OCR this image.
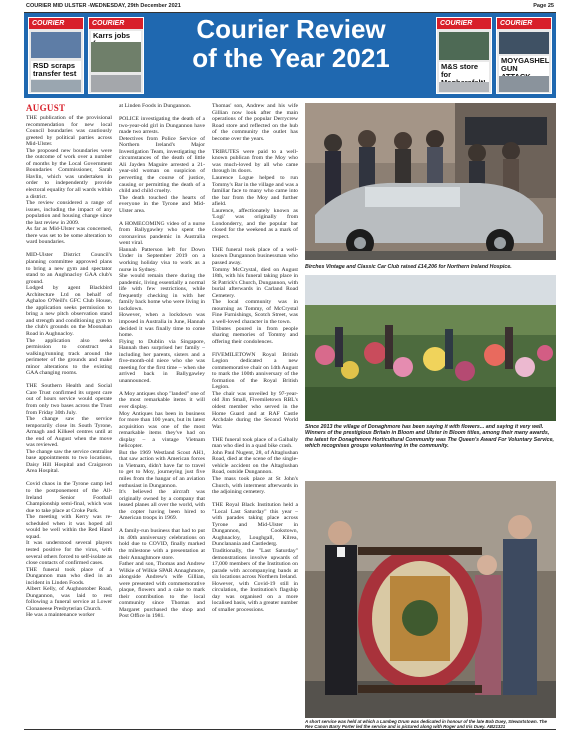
COURIER MID ULSTER -WEDNESDAY, 29th December 2021	Page 25
COURIER
RSD scraps transfer test
COURIER
Karrs jobs	Courier Review
of the Year 2021
COURIER
M&S store for
COURIER
MOYGASHEL GUN
AUGUST

THE publication of the provisional recommendation for new local Council boundaries was cautiously greeted by political parties across Mid-Ulster.

The proposed new boundaries were the outcome of work over a number of months by the Local Government Boundaries Commissioner, Sarah Havlin, which was undertaken in order to independently provide electoral equality for all wards within a district.

The review considered a range of issues, including the impact of any population and housing change since the last review in 2009.

As far as Mid-Ulster was concerned, there was set to be some alteration to ward boundaries.

MID-Ulster District Council's planning committee approved plans to bring a new gym and spectator stand to an Aughnacloy GAA club's ground.

Lodged by agent Blackbird Architecture Ltd on behalf of Aghaloo O'Neill's GFC Club House, the application seeks permission to bring a new pitch observation stand and strength and conditioning gym to the club's grounds on the Moonahan Road in Aughnacloy.

The application also seeks permission to construct a walking/running track around the perimeter of the grounds and make minor alterations to the existing GAA changing rooms.

THE Southern Health and Social Care Trust confirmed its urgent care out of hours service would operate from only two bases across the Trust from Friday 30th July.

The change saw the service temporarily close its South Tyrone, Armagh and Kilkeel centres until at the end of August when the move was reviewed.

The change saw the service centralise base appointments to two locations, Daisy Hill Hospital and Craigavon Area Hospital.

Covid chaos in the Tyrone camp led to the postponement of the All-Ireland Senior Football Championship semi-final, which was due to take place at Croke Park.

The meeting with Kerry was re-scheduled when it was hoped all would be well within the Red Hand squad.

It was understood several players tested positive for the virus, with several others forced to self-isolate as close contacts of confirmed cases.

THE funeral took place of a Dungannon man who died in an incident in Linden Foods.

Albert Kelly, of Aughnotober Road, Dungannon, was laid to rest following a funeral service at Lower Clonaneese Presbyterian Church.

He was a maintenance worker

at Linden Foods in Dungannon.

POLICE investigating the death of a two-year-old girl in Dungannon have made two arrests.

Detectives from Police Service of Northern Ireland's Major Investigation Team, investigating the circumstances of the death of little Ali Jayden Maguire arrested a 21-year-old woman on suspicion of perverting the course of justice, causing or permitting the death of a child and child cruelty.

The death touched the hearts of everyone in the Tyrone and Mid-Ulster area.

A HOMECOMING video of a nurse from Ballygawley who spent the coronavirus pandemic in Australia went viral.

Hannah Patterson left for Down Under in September 2019 on a working holiday visa to work as a nurse in Sydney.

She would remain there during the pandemic, living essentially a normal life with few restrictions, while frequently checking in with her family back home who were living in lockdown.

However, when a lockdown was imposed in Australia in June, Hannah decided it was finally time to come home.

Flying to Dublin via Singapore, Hannah then surprised her family – including her parents, sisters and a five-month-old niece who she was meeting for the first time – when she arrived back in Ballygawley unannounced.

A Moy antiques shop "landed" one of the most remarkable items it will ever display.

Moy Antiques has been in business for more than 100 years, but its latest acquisition was one of the most remarkable items they've had on display – a vintage Vietnam helicopter.

But the 1969 Westland Scout AH1, that saw action with American forces in Vietnam, didn't have far to travel to get to Moy, journeying just five miles from the hangar of an aviation enthusiast in Dungannon.

It's believed the aircraft was originally owned by a company that leased planes all over the world, with the copter having been hired to American troops in 1969.

A family-run business that had to put its 40th anniversary celebrations on hold due to COVID, finally marked the milestone with a presentation at their Annaghmore store.

Father and son, Thomas and Andrew Wilkie of Wilkie SPAR Annaghmore, alongside Andrew's wife Gillian, were presented with commemorative plaque, flowers and a cake to mark their contribution to the local community since Thomas and Margaret purchased the shop and Post Office in 1981.

Thomas' son, Andrew and his wife Gillian now look after the main operations of the popular Derrycrew Road store and reflected on the hub of the community the outlet has become over the years.

TRIBUTES were paid to a well-known publican from the Moy who was much-loved by all who came through its doors.

Laurence Logue helped to run Tommy's Bar in the village and was a familiar face to many who came into the bar from the Moy and further afield.

Laurence, affectionately known as 'Logi' was originally from Londonderry, and the popular bar closed for the weekend as a mark of respect.

THE funeral took place of a well-known Dungannon businessman who passed away.

Tommy McCrystal, died on August 18th, with his funeral taking place in St Patrick's Church, Dungannon, with burial afterwards in Carland Road Cemetery.

The local community was in mourning as Tommy, of McCrystal Fine Furnishings, Scotch Street, was a well-loved character in the town.

Tributes poured in from people sharing memories of Tommy and offering their condolences.

FIVEMILETOWN Royal British Legion dedicated a new commemorative chair on 14th August to mark the 100th anniversary of the formation of the Royal British Legion.

The chair was unveiled by 97-year-old Jim Small, Fivemiletown RBL's oldest member who served in the Home Guard and at RAF Castle Archdale during the Second World War.

THE funeral took place of a Galbally man who died in a quad bike crash.

John Paul Nugent, 28, of Altaglushan Road, died at the scene of the single-vehicle accident on the Altaglushan Road, outside Dungannon.

The mass took place at St John's Church, with interment afterwards in the adjoining cemetery.

THE Royal Black Institution held a "Local Last Saturday" this year – with parades taking place across Tyrone and Mid-Ulster in Dungannon, Cookstown, Aughnacloy, Loughgall, Kilrea, Dunclanania and Castlederg.

Traditionally, the "Last Saturday" demonstrations involve upwards of 17,000 members of the Institution on parade with accompanying bands at six locations across Northern Ireland.

However, with Covid-19 still in circulation, the Institution's flagship day was organised on a more localised basis, with a greater number of smaller processions.

Birches Vintage and Classic Car Club raised £14,206 for Northern Ireland Hospice.
Since 2013 the village of Donaghmore has been saying it with flowers... and saying it very well. Winners of the prestigious Britain in Bloom and Ulster in Bloom titles, among their many awards, the latest for Donaghmore Horticultural Community was The Queen's Award For Voluntary Service, which recognises groups volunteering in the community.
A short service was held at which a Lambeg Drum was dedicated in honour of the late Bob Duey, Stewartstown. The Rev Canon Barry Porter led the service and is pictured along with Roger and Iris Duey. AB21321
